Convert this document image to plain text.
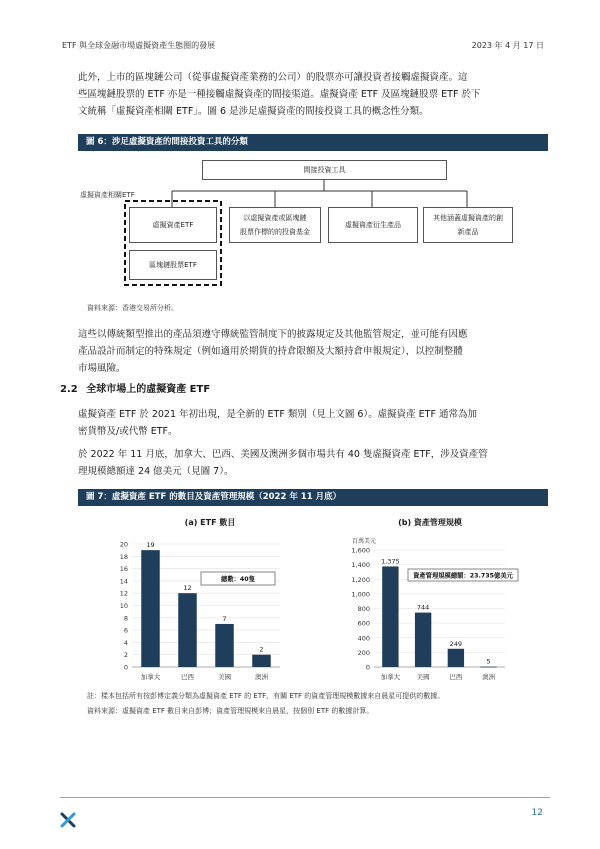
ETF 與全球金融市場虛擬資產生態圈的發展	2023 年 4 月 17 日

此外，上市的區塊鏈公司（從事虛擬資產業務的公司）的股票亦可讓投資者接觸虛擬資產。這

些區塊鏈股票的 ETF 亦是一種接觸虛擬資產的間接渠道。虛擬資產 ETF 及區塊鏈股票 ETF 於下

文統稱「虛擬資產相關 ETF」。圖 6 是涉足虛擬資產的間接投資工具的概念性分類。

圖 6：涉足虛擬資產的間接投資工具的分類
間接投資工具
虛擬資產相關ETF
虛擬資產ETF
以虛擬資產或區塊鏈
股票作標的的投資基金
虛擬資產衍生產品
其他涵蓋虛擬資產的創
新產品
區塊鏈股票ETF
資料來源：香港交易所分析。

這些以傳統類型推出的產品須遵守傳統監管制度下的披露規定及其他監管規定，並可能有因應

產品設計而制定的特殊規定（例如適用於期貨的持倉限額及大額持倉申報規定），以控制整體

市場風險。

2.2 全球市場上的虛擬資產 ETF

虛擬資產 ETF 於 2021 年初出現，是全新的 ETF 類別（見上文圖 6）。虛擬資產 ETF 通常為加

密貨幣及/或代幣 ETF。

於 2022 年 11 月底，加拿大、巴西、美國及澳洲多個市場共有 40 隻虛擬資產 ETF，涉及資產管

理規模總額達 24 億美元（見圖 7）。

圖 7：虛擬資產 ETF 的數目及資產管理規模（2022 年 11 月底）
(a) ETF 數目	(b) 資產管理規模
0
2
4
6
8
10
12
14
16
18
20	19
加拿大
12
巴西
7
美國
2
澳洲
總數：40隻
0
200
400
600
800
1,000
1,200
1,400
1,600
百萬美元
1,375
加拿大
744
美國
249
巴西
5
澳洲
資產管理規模總額：23.735億美元
註：樣本包括所有按彭博定義分類為虛擬資產 ETF 的 ETF，有關 ETF 的資產管理規模數據來自晨星可提供的數據。
資料來源：虛擬資產 ETF 數目來自彭博；資產管理規模來自晨星，按個別 ETF 的數據計算。
12
